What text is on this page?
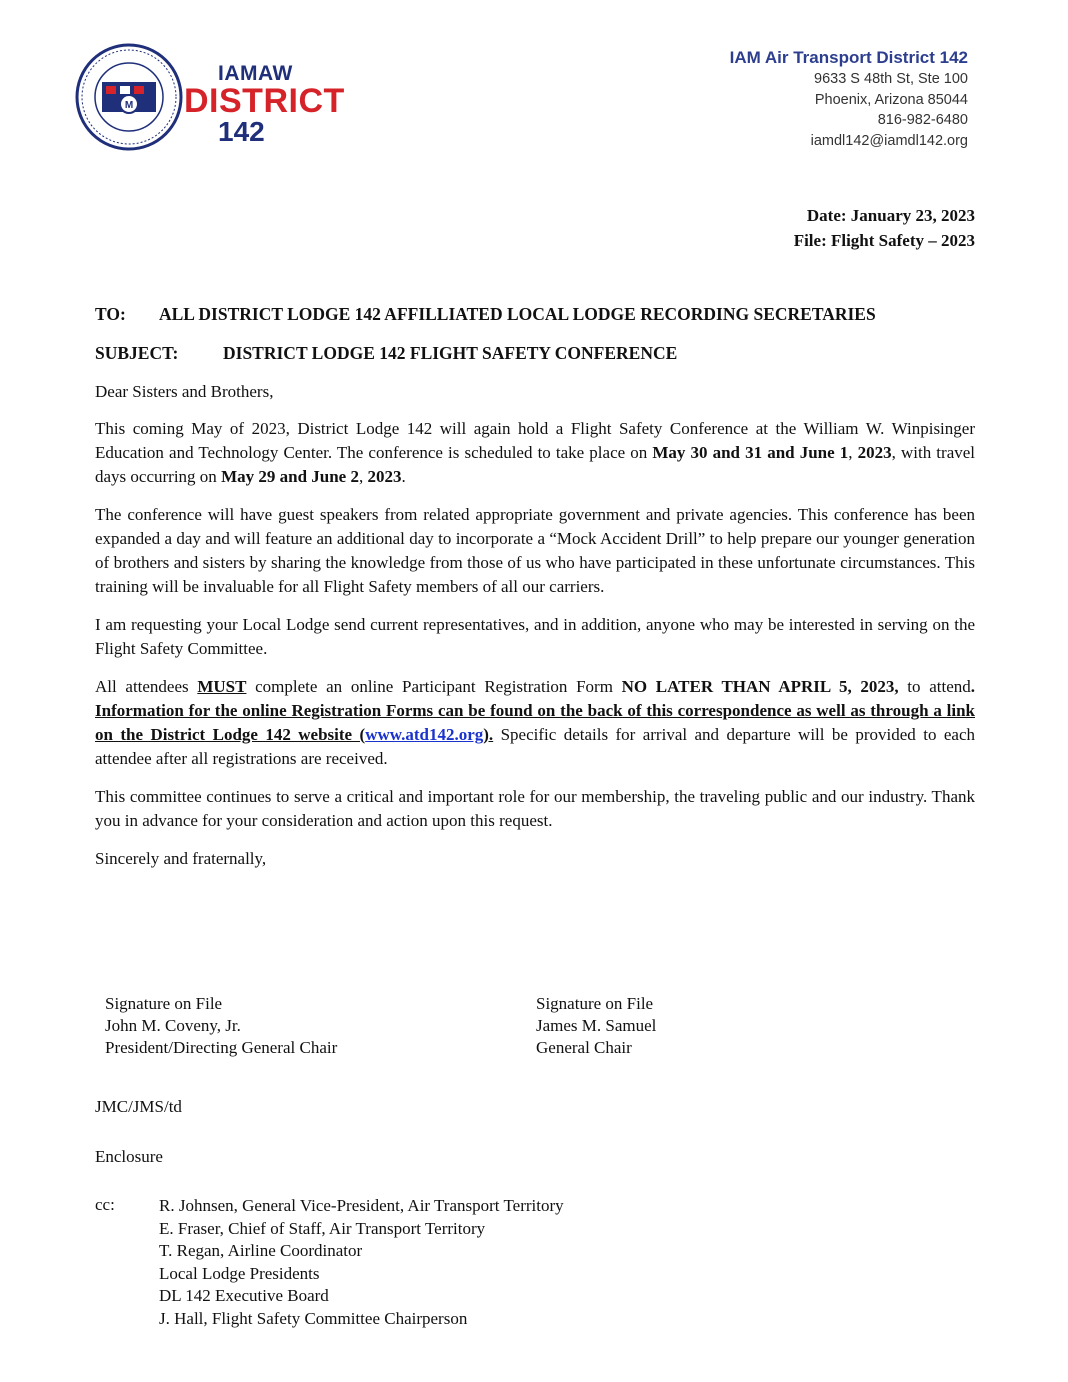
M
IAMAW
DISTRICT
142
IAM Air Transport District 142
9633 S 48th St, Ste 100
Phoenix, Arizona 85044
816-982-6480
iamdl142@iamdl142.org
Date: January 23, 2023
File: Flight Safety – 2023
TO: ALL DISTRICT LODGE 142 AFFILLIATED LOCAL LODGE RECORDING SECRETARIES
SUBJECT:	DISTRICT LODGE 142 FLIGHT SAFETY CONFERENCE

Dear Sisters and Brothers,

This coming May of 2023, District Lodge 142 will again hold a Flight Safety Conference at the William W. Winpisinger Education and Technology Center. The conference is scheduled to take place on May 30 and 31 and June 1, 2023, with travel days occurring on May 29 and June 2, 2023.

The conference will have guest speakers from related appropriate government and private agencies. This conference has been expanded a day and will feature an additional day to incorporate a “Mock Accident Drill” to help prepare our younger generation of brothers and sisters by sharing the knowledge from those of us who have participated in these unfortunate circumstances. This training will be invaluable for all Flight Safety members of all our carriers.

I am requesting your Local Lodge send current representatives, and in addition, anyone who may be interested in serving on the Flight Safety Committee.

All attendees MUST complete an online Participant Registration Form NO LATER THAN APRIL 5, 2023, to attend. Information for the online Registration Forms can be found on the back of this correspondence as well as through a link on the District Lodge 142 website (www.atd142.org). Specific details for arrival and departure will be provided to each attendee after all registrations are received.

This committee continues to serve a critical and important role for our membership, the traveling public and our industry. Thank you in advance for your consideration and action upon this request.

Sincerely and fraternally,

Signature on File
John M. Coveny, Jr.
President/Directing General Chair
Signature on File
James M. Samuel
General Chair
JMC/JMS/td
Enclosure
cc:	R. Johnsen, General Vice-President, Air Transport Territory
E. Fraser, Chief of Staff, Air Transport Territory
T. Regan, Airline Coordinator
Local Lodge Presidents
DL 142 Executive Board
J. Hall, Flight Safety Committee Chairperson
